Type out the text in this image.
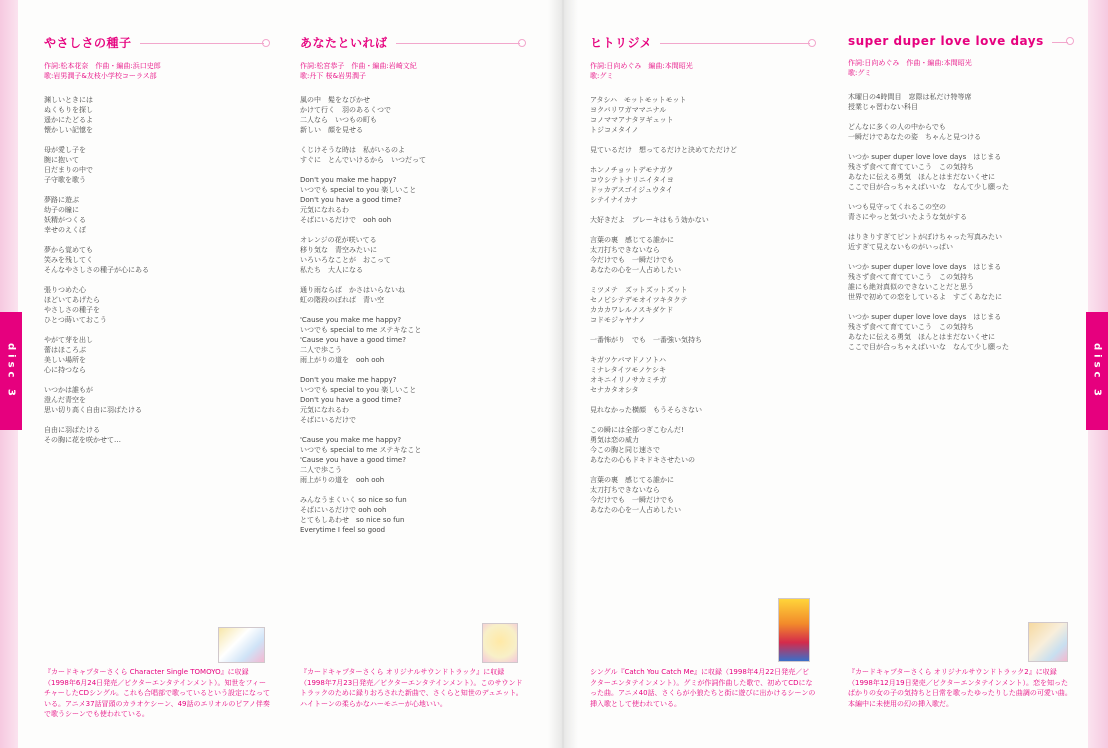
disc 3	disc 3
やさしさの種子
作詞:松本花奈　作曲・編曲:浜口史郎
歌:岩男潤子&友枝小学校コーラス部
渊しいときには
ぬくもりを探し
遥かにたどるよ
懐かしい記憶を
母が愛し子を
腕に抱いて
日だまりの中で
子守歌を歌う
夢路に遊ぶ
幼子の瞳に
妖精がつくる
幸せのえくぼ
夢から覚めても
笑みを残してく
そんなやさしさの種子が心にある
張りつめた心
ほどいてあげたら
やさしさの種子を
ひとつ蒔いておこう
やがて芽を出し
蕾はほころぶ
美しい場所を
心に持つなら
いつかは誰もが
澄んだ青空を
思い切り高く自由に羽ばたける
自由に羽ばたける
その胸に花を咲かせて…
あなたといれば
作詞:松宮恭子　作曲・編曲:岩崎文紀
歌:丹下 桜&岩男潤子
風の中　髪をなびかせ
かけて行く　羽のあるくつで
二人なら　いつもの町も
新しい　顔を見せる
くじけそうな時は　私がいるのよ
すぐに　とんでいけるから　いつだって
Don't you make me happy?
いつでも special to you 楽しいこと
Don't you have a good time?
元気になれるわ
そばにいるだけで　ooh ooh
オレンジの花が咲いてる
移り気な　青空みたいに
いろいろなことが　おこって
私たち　大人になる
通り雨ならば　かさはいらないね
虹の階段のぼれば　青い空
'Cause you make me happy?
いつでも special to me ステキなこと
'Cause you have a good time?
二人で歩こう
雨上がりの道を　ooh ooh
Don't you make me happy?
いつでも special to you 楽しいこと
Don't you have a good time?
元気になれるわ
そばにいるだけで
'Cause you make me happy?
いつでも special to me ステキなこと
'Cause you have a good time?
二人で歩こう
雨上がりの道を　ooh ooh
みんなうまくいく so nice so fun
そばにいるだけで ooh ooh
とてもしあわせ　so nice so fun
Everytime I feel so good
ヒトリジメ
作詞:日向めぐみ　編曲:本間昭光
歌:グミ
アタシハ　モットモットモット
ヨクバリワガママニナル
コノママアナタヲギュット
トジコメタイノ
見ているだけ　想ってるだけと決めてただけど
ホンノチョットデモナガク
コウシテトナリニイタイヨ
ドッカデスゴイジュウタイ
シテイナイカナ
大好きだよ　ブレーキはもう効かない
言葉の裏　感じてる誰かに
太刀打ちできないなら
今だけでも　一瞬だけでも
あなたの心を一人占めしたい
ミツメテ　ズットズットズット
セノビシテデモオイツキタクテ
カカカワレルノスキダケド
コドモジャヤナノ
一番怖がり　でも　一番強い気持ち
キガツケバマドノソトハ
ミナレタイツモノケシキ
オキニイリノサカミチガ
セナカタオシタ
見れなかった横顔　もうそらさない
この瞬には全部つぎこむんだ!
勇気は恋の威力
今この胸と同じ速さで
あなたの心もドキドキさせたいの
言葉の裏　感じてる誰かに
太刀打ちできないなら
今だけでも　一瞬だけでも
あなたの心を一人占めしたい
super duper love love days
作詞:日向めぐみ　作曲・編曲:本間昭光
歌:グミ
木曜日の4時間目　窓際は私だけ特等席
授業じゃ習わない科目
どんなに多くの人の中からでも
一瞬だけであなたの姿　ちゃんと見つける
いつか super duper love love days　はじまる
残さず食べて育てていこう　この気持ち
あなたに伝える勇気　ほんとはまだないくせに
ここで目が合っちゃえばいいな　なんて少し願った
いつも見守ってくれるこの空の
青さにやっと気づいたような気がする
はりきりすぎてピントがぼけちゃった写真みたい
近すぎて見えないものがいっぱい
いつか super duper love love days　はじまる
残さず食べて育てていこう　この気持ち
誰にも絶対真似のできないことだと思う
世界で初めての恋をしているよ　すごくあなたに
いつか super duper love love days　はじまる
残さず食べて育てていこう　この気持ち
あなたに伝える勇気　ほんとはまだないくせに
ここで目が合っちゃえばいいな　なんて少し願った
『カードキャプターさくら Character Single TOMOYO』に収録（1998年6月24日発売／ビクターエンタテインメント）。知世をフィーチャーしたCDシングル。これも合唱部で歌っているという設定になっている。アニメ37話冒頭のカラオケシーン、49話のエリオルのピアノ伴奏で歌うシーンでも使われている。
『カードキャプターさくら オリジナルサウンドトラック』に収録（1998年7月23日発売／ビクターエンタテインメント）。このサウンドトラックのために録りおろされた新曲で、さくらと知世のデュエット。ハイトーンの柔らかなハーモニーが心地いい。
シングル『Catch You Catch Me』に収録（1998年4月22日発売／ビクターエンタテインメント）。グミが作詞作曲した歌で、初めてCDになった曲。アニメ40話、さくらが小狼たちと街に遊びに出かけるシーンの挿入歌として使われている。
『カードキャプターさくら オリジナルサウンドトラック2』に収録（1998年12月19日発売／ビクターエンタテインメント）。恋を知ったばかりの女の子の気持ちと日常を歌ったゆったりした曲調の可愛い曲。本編中に未使用の幻の挿入歌だ。
